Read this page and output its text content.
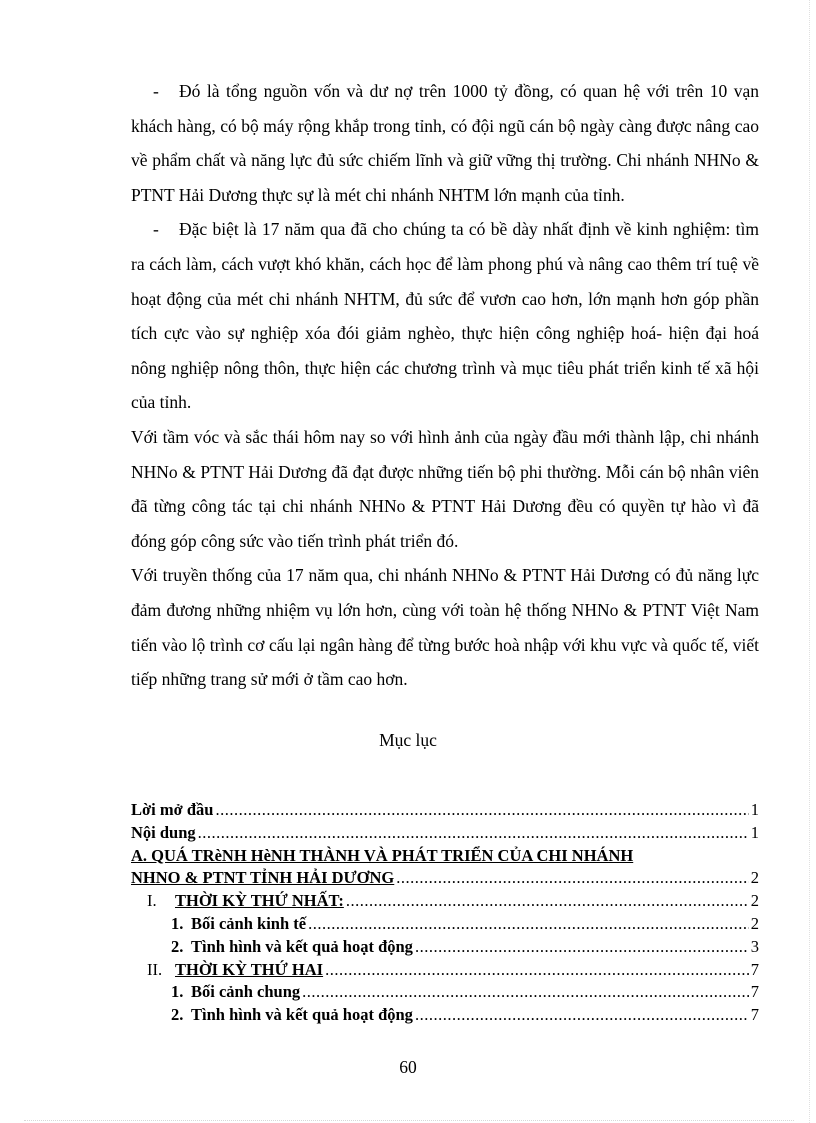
- Đó là tổng nguồn vốn và dư nợ trên 1000 tỷ đồng, có quan hệ với trên 10 vạn khách hàng, có bộ máy rộng khắp trong tỉnh, có đội ngũ cán bộ ngày càng được nâng cao về phẩm chất và năng lực đủ sức chiếm lĩnh và giữ vững thị trường. Chi nhánh NHNo & PTNT Hải Dương thực sự là mét chi nhánh NHTM lớn mạnh của tỉnh.

- Đặc biệt là 17 năm qua đã cho chúng ta có bề dày nhất định về kinh nghiệm: tìm ra cách làm, cách vượt khó khăn, cách học để làm phong phú và nâng cao thêm trí tuệ về hoạt động của mét chi nhánh NHTM, đủ sức để vươn cao hơn, lớn mạnh hơn góp phần tích cực vào sự nghiệp xóa đói giảm nghèo, thực hiện công nghiệp hoá- hiện đại hoá nông nghiệp nông thôn, thực hiện các chương trình và mục tiêu phát triển kinh tế xã hội của tỉnh.

Với tầm vóc và sắc thái hôm nay so với hình ảnh của ngày đầu mới thành lập, chi nhánh NHNo & PTNT Hải Dương đã đạt được những tiến bộ phi thường. Mỗi cán bộ nhân viên đã từng công tác tại chi nhánh NHNo & PTNT Hải Dương đều có quyền tự hào vì đã đóng góp công sức vào tiến trình phát triển đó.

Với truyền thống của 17 năm qua, chi nhánh NHNo & PTNT Hải Dương có đủ năng lực đảm đương những nhiệm vụ lớn hơn, cùng với toàn hệ thống NHNo & PTNT Việt Nam tiến vào lộ trình cơ cấu lại ngân hàng để từng bước hoà nhập với khu vực và quốc tế, viết tiếp những trang sử mới ở tầm cao hơn.

Mục lục
Lời mở đầu .....	1
Nội dung .....	1
A. QUÁ TRèNH HèNH THÀNH VÀ PHÁT TRIỂN CỦA CHI NHÁNH
NHNO & PTNT TỈNH HẢI DƯƠNG .....	2
I.	THỜI KỲ THỨ NHẤT: .....	2
1. Bối cảnh kinh tế .....	2
2. Tình hình và kết quả hoạt động .....	3
II. THỜI KỲ THỨ HAI .....	7
1. Bối cảnh chung .....	7
2. Tình hình và kết quả hoạt động .....	7
60
